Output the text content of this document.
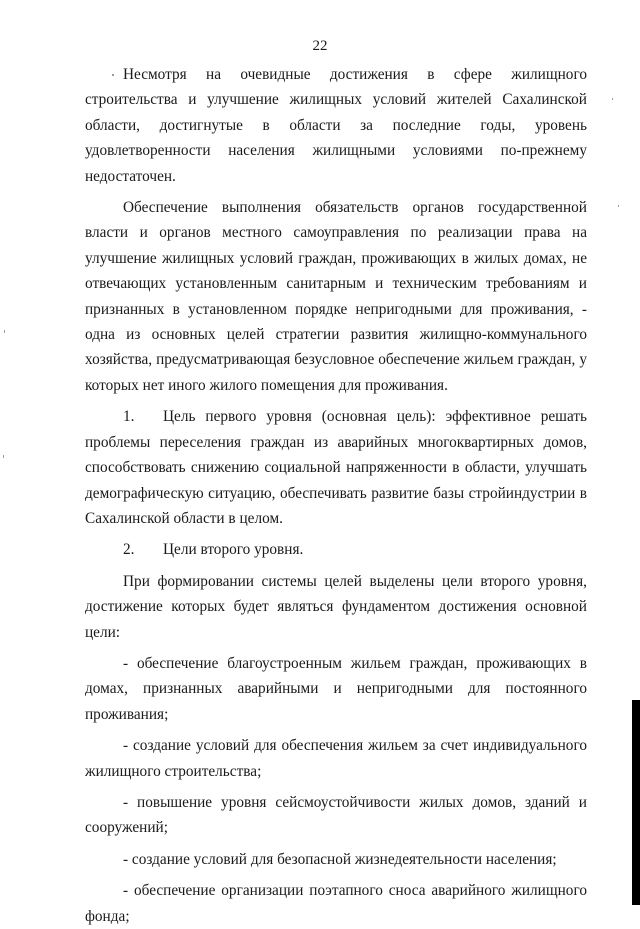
22

Несмотря на очевидные достижения в сфере жилищного строительства и улучшение жилищных условий жителей Сахалинской области, достигнутые в области за последние годы, уровень удовлетворенности населения жилищными условиями по-прежнему недостаточен.

Обеспечение выполнения обязательств органов государственной власти и органов местного самоуправления по реализации права на улучшение жилищных условий граждан, проживающих в жилых домах, не отвечающих установленным санитарным и техническим требованиям и признанных в установленном порядке непригодными для проживания, - одна из основных целей стратегии развития жилищно-коммунального хозяйства, предусматривающая безусловное обеспечение жильем граждан, у которых нет иного жилого помещения для проживания.

1. Цель первого уровня (основная цель): эффективное решать проблемы переселения граждан из аварийных многоквартирных домов, способствовать снижению социальной напряженности в области, улучшать демографическую ситуацию, обеспечивать развитие базы стройиндустрии в Сахалинской области в целом.

2. Цели второго уровня.

При формировании системы целей выделены цели второго уровня, достижение которых будет являться фундаментом достижения основной цели:

- обеспечение благоустроенным жильем граждан, проживающих в домах, признанных аварийными и непригодными для постоянного проживания;

- создание условий для обеспечения жильем за счет индивидуального жилищного строительства;

- повышение уровня сейсмоустойчивости жилых домов, зданий и сооружений;

- создание условий для безопасной жизнедеятельности населения;

- обеспечение организации поэтапного сноса аварийного жилищного фонда;
